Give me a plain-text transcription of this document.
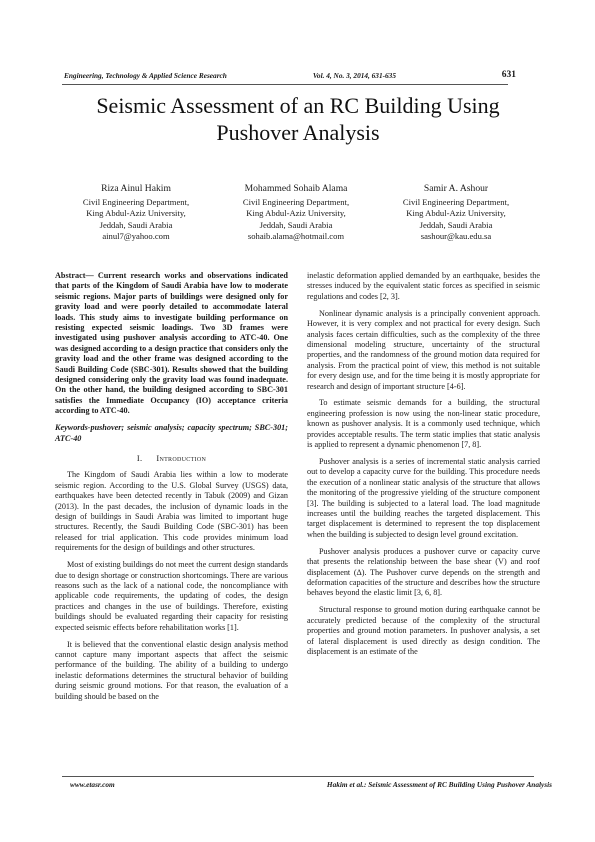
Engineering, Technology & Applied Science Research	Vol. 4, No. 3, 2014, 631-635	631
Seismic Assessment of an RC Building Using Pushover Analysis
Riza Ainul Hakim
Civil Engineering Department,
King Abdul-Aziz University,
Jeddah, Saudi Arabia
ainul7@yahoo.com
Mohammed Sohaib Alama
Civil Engineering Department,
King Abdul-Aziz University,
Jeddah, Saudi Arabia
sohaib.alama@hotmail.com
Samir A. Ashour
Civil Engineering Department,
King Abdul-Aziz University,
Jeddah, Saudi Arabia
sashour@kau.edu.sa

Abstract— Current research works and observations indicated that parts of the Kingdom of Saudi Arabia have low to moderate seismic regions. Major parts of buildings were designed only for gravity load and were poorly detailed to accommodate lateral loads. This study aims to investigate building performance on resisting expected seismic loadings. Two 3D frames were investigated using pushover analysis according to ATC-40. One was designed according to a design practice that considers only the gravity load and the other frame was designed according to the Saudi Building Code (SBC-301). Results showed that the building designed considering only the gravity load was found inadequate. On the other hand, the building designed according to SBC-301 satisfies the Immediate Occupancy (IO) acceptance criteria according to ATC-40.

Keywords-pushover; seismic analysis; capacity spectrum; SBC-301; ATC-40

I. Introduction

The Kingdom of Saudi Arabia lies within a low to moderate seismic region. According to the U.S. Global Survey (USGS) data, earthquakes have been detected recently in Tabuk (2009) and Gizan (2013). In the past decades, the inclusion of dynamic loads in the design of buildings in Saudi Arabia was limited to important huge structures. Recently, the Saudi Building Code (SBC-301) has been released for trial application. This code provides minimum load requirements for the design of buildings and other structures.

Most of existing buildings do not meet the current design standards due to design shortage or construction shortcomings. There are various reasons such as the lack of a national code, the noncompliance with applicable code requirements, the updating of codes, the design practices and changes in the use of buildings. Therefore, existing buildings should be evaluated regarding their capacity for resisting expected seismic effects before rehabilitation works [1].

It is believed that the conventional elastic design analysis method cannot capture many important aspects that affect the seismic performance of the building. The ability of a building to undergo inelastic deformations determines the structural behavior of building during seismic ground motions. For that reason, the evaluation of a building should be based on the

inelastic deformation applied demanded by an earthquake, besides the stresses induced by the equivalent static forces as specified in seismic regulations and codes [2, 3].

Nonlinear dynamic analysis is a principally convenient approach. However, it is very complex and not practical for every design. Such analysis faces certain difficulties, such as the complexity of the three dimensional modeling structure, uncertainty of the structural properties, and the randomness of the ground motion data required for analysis. From the practical point of view, this method is not suitable for every design use, and for the time being it is mostly appropriate for research and design of important structure [4-6].

To estimate seismic demands for a building, the structural engineering profession is now using the non-linear static procedure, known as pushover analysis. It is a commonly used technique, which provides acceptable results. The term static implies that static analysis is applied to represent a dynamic phenomenon [7, 8].

Pushover analysis is a series of incremental static analysis carried out to develop a capacity curve for the building. This procedure needs the execution of a nonlinear static analysis of the structure that allows the monitoring of the progressive yielding of the structure component [3]. The building is subjected to a lateral load. The load magnitude increases until the building reaches the targeted displacement. This target displacement is determined to represent the top displacement when the building is subjected to design level ground excitation.

Pushover analysis produces a pushover curve or capacity curve that presents the relationship between the base shear (V) and roof displacement (Δ). The Pushover curve depends on the strength and deformation capacities of the structure and describes how the structure behaves beyond the elastic limit [3, 6, 8].

Structural response to ground motion during earthquake cannot be accurately predicted because of the complexity of the structural properties and ground motion parameters. In pushover analysis, a set of lateral displacement is used directly as design condition. The displacement is an estimate of the

www.etasr.com	Hakim et al.: Seismic Assessment of RC Building Using Pushover Analysis
